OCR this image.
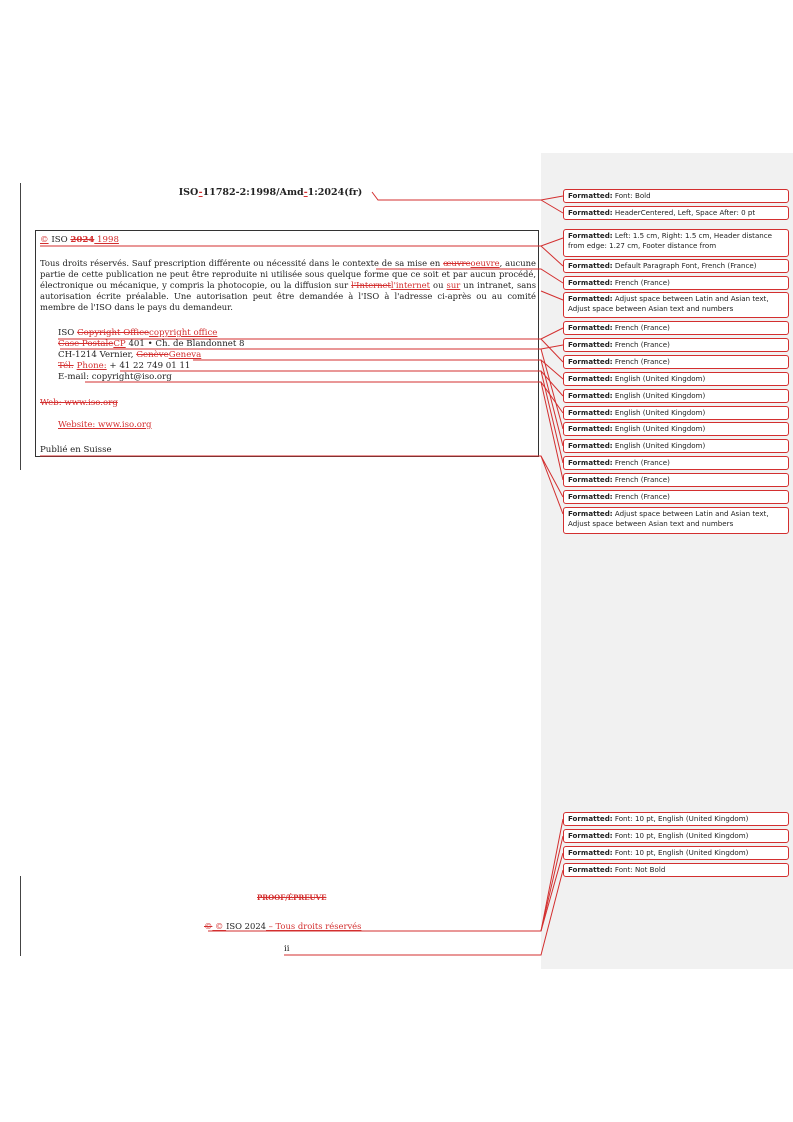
ISO-11782-2:1998/Amd-1:2024(fr)
© ISO 2024 1998
Tous droits réservés. Sauf prescription différente ou nécessité dans le contexte de sa mise en œuvreoeuvre, aucune partie de cette publication ne peut être reproduite ni utilisée sous quelque forme que ce soit et par aucun procédé, électronique ou mécanique, y compris la photocopie, ou la diffusion sur l'Internetl'internet ou sur un intranet, sans autorisation écrite préalable. Une autorisation peut être demandée à l'ISO à l'adresse ci-après ou au comité membre de l'ISO dans le pays du demandeur.
ISO Copyright Officecopyright office
Case PostaleCP 401 • Ch. de Blandonnet 8
CH-1214 Vernier, GenèveGeneva
Tél. Phone: + 41 22 749 01 11
E-mail: copyright@iso.org
Web: www.iso.org
Website: www.iso.org
Publié en Suisse
PROOF/ÉPREUVE
© © ISO 2024 – Tous droits réservés
ii
Formatted: Font: Bold
Formatted: HeaderCentered, Left, Space After: 0 pt
Formatted: Left: 1.5 cm, Right: 1.5 cm, Header distance from edge: 1.27 cm, Footer distance from
Formatted: Default Paragraph Font, French (France)
Formatted: French (France)
Formatted: Adjust space between Latin and Asian text, Adjust space between Asian text and numbers
Formatted: French (France)
Formatted: French (France)
Formatted: French (France)
Formatted: English (United Kingdom)
Formatted: English (United Kingdom)
Formatted: English (United Kingdom)
Formatted: English (United Kingdom)
Formatted: English (United Kingdom)
Formatted: French (France)
Formatted: French (France)
Formatted: French (France)
Formatted: Adjust space between Latin and Asian text, Adjust space between Asian text and numbers
Formatted: Font: 10 pt, English (United Kingdom)
Formatted: Font: 10 pt, English (United Kingdom)
Formatted: Font: 10 pt, English (United Kingdom)
Formatted: Font: Not Bold
